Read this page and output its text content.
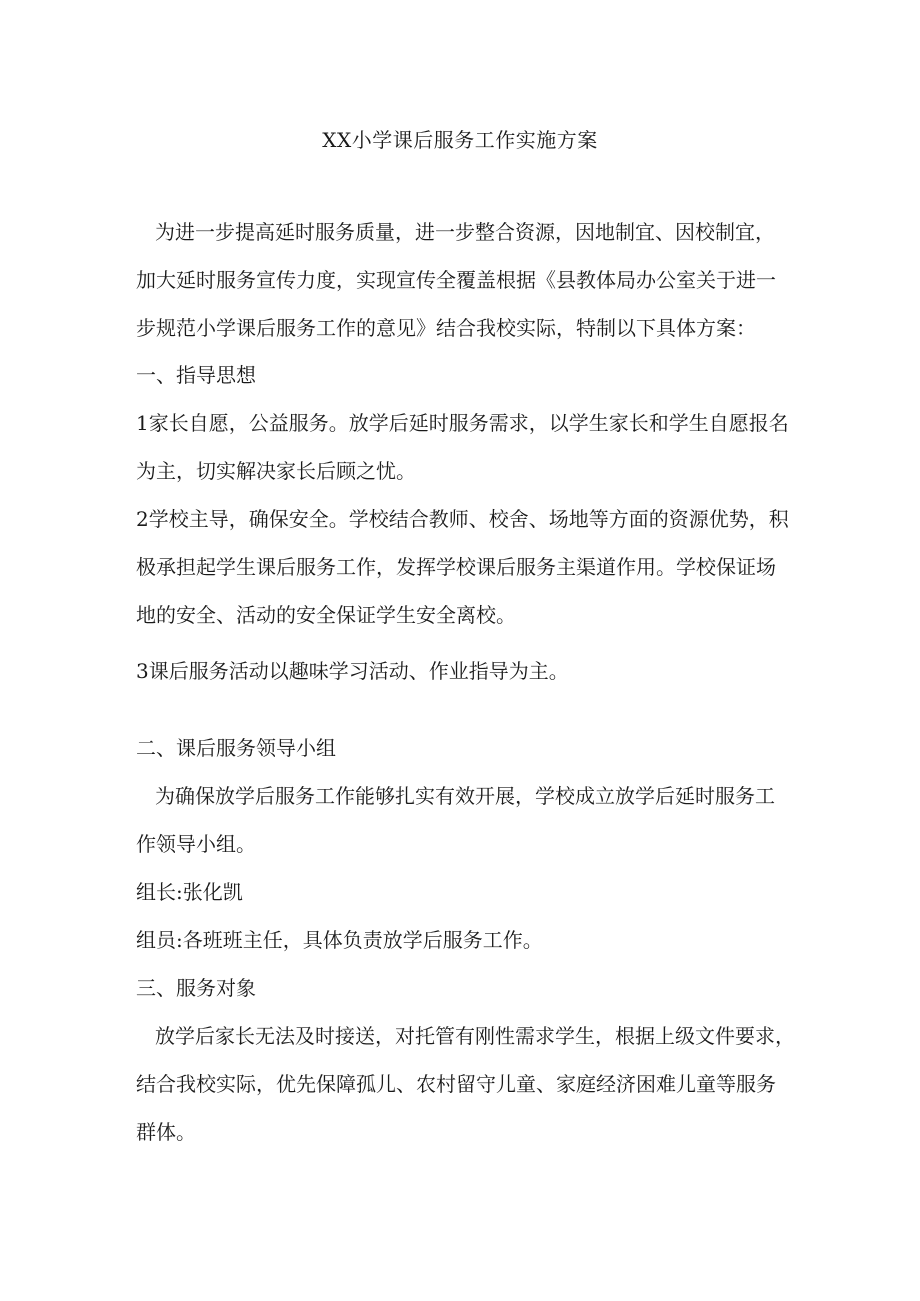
XX小学课后服务工作实施方案
为进一步提高延时服务质量，进一步整合资源，因地制宜、因校制宜，
加大延时服务宣传力度，实现宣传全覆盖根据《县教体局办公室关于进一
步规范小学课后服务工作的意见》结合我校实际，特制以下具体方案：
一、指导思想
1家长自愿，公益服务。放学后延时服务需求，以学生家长和学生自愿报名
为主，切实解决家长后顾之忧。
2学校主导，确保安全。学校结合教师、校舍、场地等方面的资源优势，积
极承担起学生课后服务工作，发挥学校课后服务主渠道作用。学校保证场
地的安全、活动的安全保证学生安全离校。
3课后服务活动以趣味学习活动、作业指导为主。
二、课后服务领导小组
为确保放学后服务工作能够扎实有效开展，学校成立放学后延时服务工
作领导小组。
组长:张化凯
组员:各班班主任，具体负责放学后服务工作。
三、服务对象
放学后家长无法及时接送，对托管有刚性需求学生，根据上级文件要求，
结合我校实际，优先保障孤儿、农村留守儿童、家庭经济困难儿童等服务
群体。
